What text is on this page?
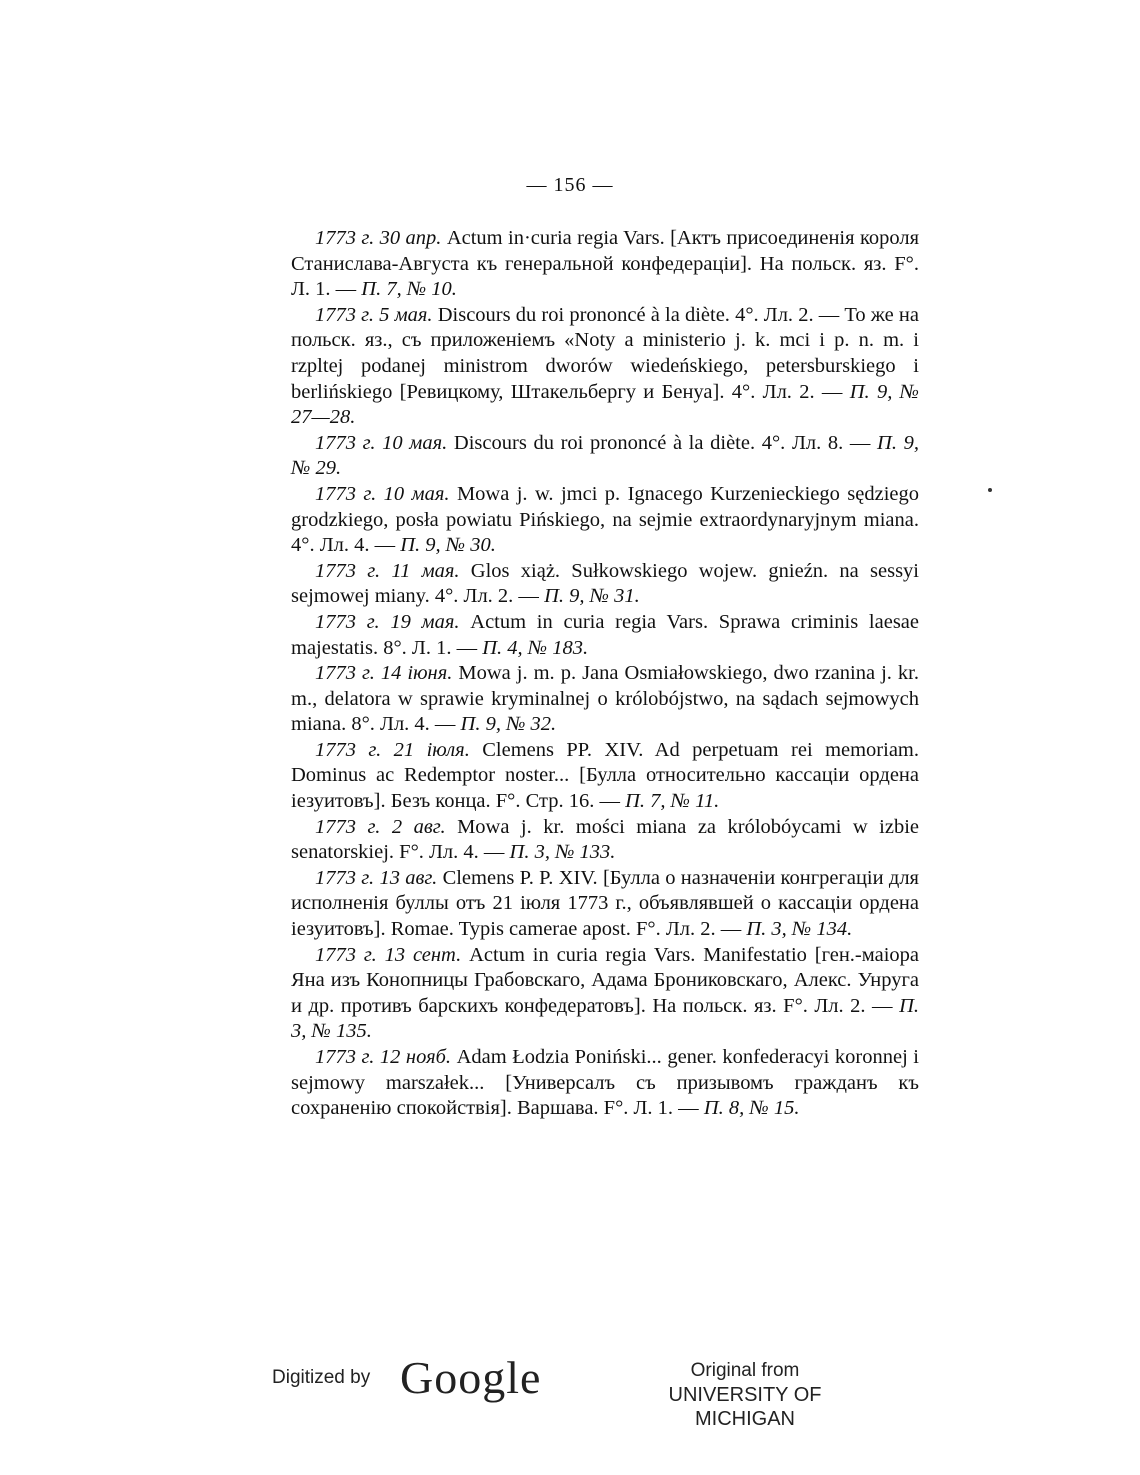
— 156 —

1773 г. 30 апр. Actum in·curia regia Vars. [Актъ присоединенія короля Станислава-Августа къ генеральной конфедераціи]. На польск. яз. F°. Л. 1. — П. 7, № 10.

1773 г. 5 мая. Discours du roi prononcé à la diète. 4°. Лл. 2. — То же на польск. яз., съ приложеніемъ «Noty a ministerio j. k. mci i p. n. m. i rzpltej podanej ministrom dworów wiedeńskiego, petersburskiego i berlińskiego [Ревицкому, Штакельбергу и Бенуа]. 4°. Лл. 2. — П. 9, № 27—28.

1773 г. 10 мая. Discours du roi prononcé à la diète. 4°. Лл. 8. — П. 9, № 29.

1773 г. 10 мая. Mowa j. w. jmci p. Ignacego Kurzenieckiego sędziego grodzkiego, posła powiatu Pińskiego, na sejmie extraordynaryjnym miana. 4°. Лл. 4. — П. 9, № 30.

1773 г. 11 мая. Glos xiąż. Sułkowskiego wojew. gnieźn. na sessyi sejmowej miany. 4°. Лл. 2. — П. 9, № 31.

1773 г. 19 мая. Actum in curia regia Vars. Sprawa criminis laesae majestatis. 8°. Л. 1. — П. 4, № 183.

1773 г. 14 іюня. Mowa j. m. p. Jana Osmiałowskiego, dwo rzanina j. kr. m., delatora w sprawie kryminalnej o królobójstwo, na sądach sejmowych miana. 8°. Лл. 4. — П. 9, № 32.

1773 г. 21 іюля. Clemens PP. XIV. Ad perpetuam rei memoriam. Dominus ac Redemptor noster... [Булла относительно кассаціи ордена іезуитовъ]. Безъ конца. F°. Стр. 16. — П. 7, № 11.

1773 г. 2 авг. Mowa j. kr. mości miana za królobóycami w izbie senatorskiej. F°. Лл. 4. — П. 3, № 133.

1773 г. 13 авг. Clemens P. P. XIV. [Булла о назначеніи конгрегаціи для исполненія буллы отъ 21 іюля 1773 г., объявлявшей о кассаціи ордена іезуитовъ]. Romae. Typis camerae apost. F°. Лл. 2. — П. 3, № 134.

1773 г. 13 сент. Actum in curia regia Vars. Manifestatio [ген.-маіора Яна изъ Конопницы Грабовскаго, Адама Брониковскаго, Алекс. Унруга и др. противъ барскихъ конфедератовъ]. На польск. яз. F°. Лл. 2. — П. 3, № 135.

1773 г. 12 нояб. Adam Łodzia Poniński... gener. konfederacyi koronnej i sejmowy marszałek... [Универсалъ съ призывомъ гражданъ къ сохраненію спокойствія]. Варшава. F°. Л. 1. — П. 8, № 15.

Digitized by Google	Original from
UNIVERSITY OF MICHIGAN
